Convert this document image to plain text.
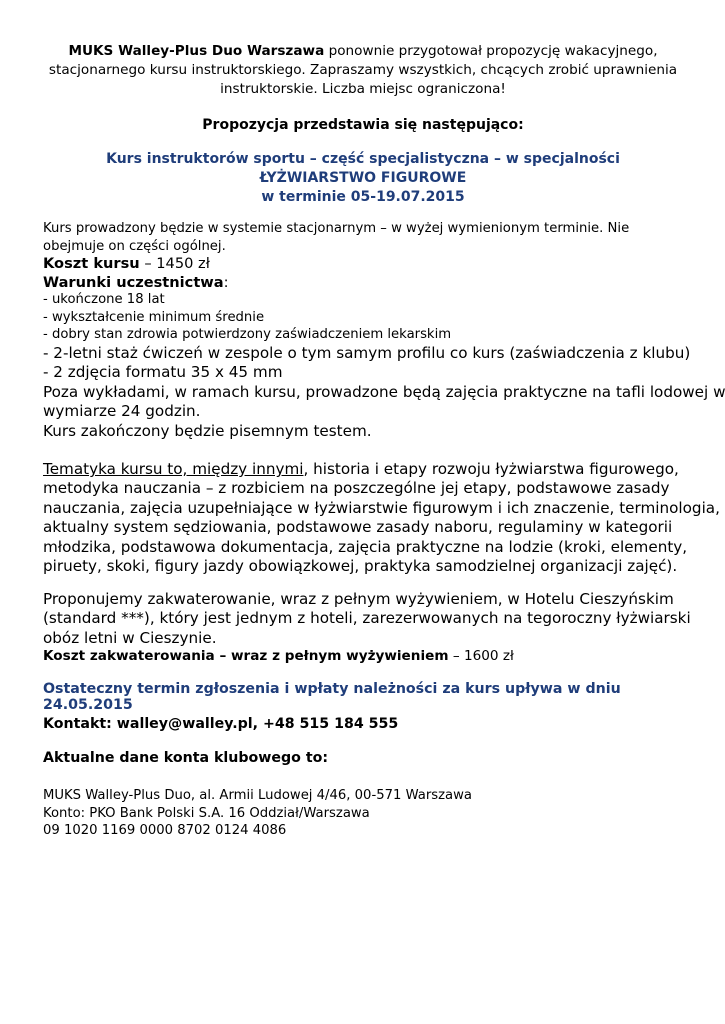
MUKS Walley-Plus Duo Warszawa ponownie przygotował propozycję wakacyjnego,
stacjonarnego kursu instruktorskiego. Zapraszamy wszystkich, chcących zrobić uprawnienia
instruktorskie. Liczba miejsc ograniczona!
Propozycja przedstawia się następująco:
Kurs instruktorów sportu – część specjalistyczna – w specjalności
ŁYŻWIARSTWO FIGUROWE
w terminie 05-19.07.2015
Kurs prowadzony będzie w systemie stacjonarnym – w wyżej wymienionym terminie. Nie
obejmuje on części ogólnej.
Koszt kursu – 1450 zł
Warunki uczestnictwa:
- ukończone 18 lat
- wykształcenie minimum średnie
- dobry stan zdrowia potwierdzony zaświadczeniem lekarskim
- 2-letni staż ćwiczeń w zespole o tym samym profilu co kurs (zaświadczenia z klubu)
- 2 zdjęcia formatu 35 x 45 mm
Poza wykładami, w ramach kursu, prowadzone będą zajęcia praktyczne na tafli lodowej w
wymiarze 24 godzin.
Kurs zakończony będzie pisemnym testem.
Tematyka kursu to, między innymi, historia i etapy rozwoju łyżwiarstwa figurowego,
metodyka nauczania – z rozbiciem na poszczególne jej etapy, podstawowe zasady
nauczania, zajęcia uzupełniające w łyżwiarstwie figurowym i ich znaczenie, terminologia,
aktualny system sędziowania, podstawowe zasady naboru, regulaminy w kategorii
młodzika, podstawowa dokumentacja, zajęcia praktyczne na lodzie (kroki, elementy,
piruety, skoki, figury jazdy obowiązkowej, praktyka samodzielnej organizacji zajęć).
Proponujemy zakwaterowanie, wraz z pełnym wyżywieniem, w Hotelu Cieszyńskim
(standard ***), który jest jednym z hoteli, zarezerwowanych na tegoroczny łyżwiarski
obóz letni w Cieszynie.
Koszt zakwaterowania – wraz z pełnym wyżywieniem – 1600 zł
Ostateczny termin zgłoszenia i wpłaty należności za kurs upływa w dniu 24.05.2015
Kontakt: walley@walley.pl, +48 515 184 555
Aktualne dane konta klubowego to:
MUKS Walley-Plus Duo, al. Armii Ludowej 4/46, 00-571 Warszawa
Konto: PKO Bank Polski S.A. 16 Oddział/Warszawa
09 1020 1169 0000 8702 0124 4086
